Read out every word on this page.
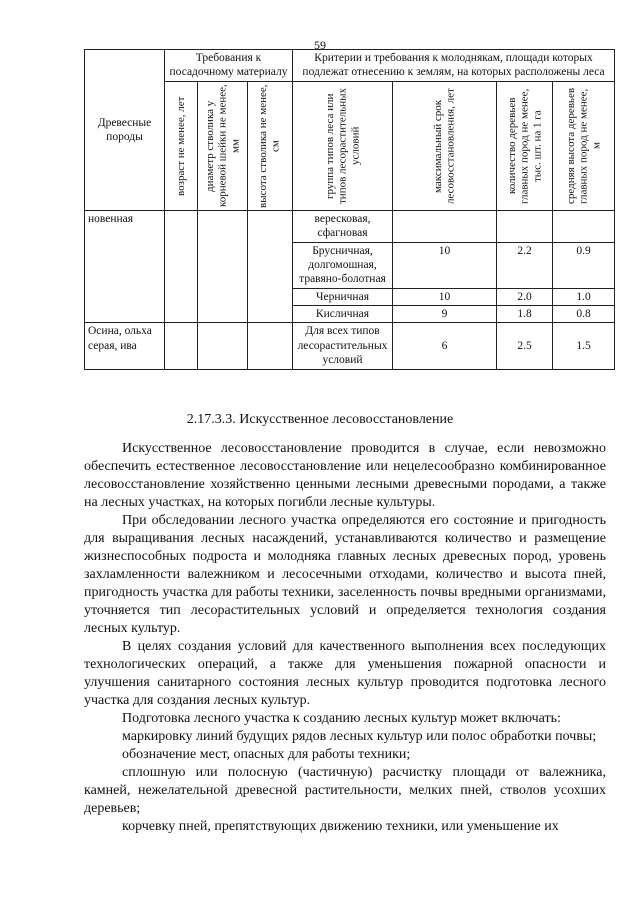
59
Древесные породы	Требования к посадочному материалу			Критерии и требования к молоднякам, площади которых подлежат отнесению к землям, на которых расположены леса			

	возраст не менее, лет	диаметр стволика у корневой шейки не менее, мм	высота стволика не менее, см	группа типов леса или типов лесорастительных условий	максимальный срок лесовосстановления, лет	количество деревьев главных пород не менее, тыс. шт. на 1 га	средняя высота деревьев главных пород не менее, м

новенная				вересковая, сфагновая			
				Брусничная, долгомошная, травяно-болотная	10	2.2	0.9
				Черничная	10	2.0	1.0
				Кисличная	9	1.8	0.8
Осина, ольха серая, ива				Для всех типов лесорастительных условий	6	2.5	1.5
2.17.3.3. Искусственное лесовосстановление

Искусственное лесовосстановление проводится в случае, если невозможно обеспечить естественное лесовосстановление или нецелесообразно комбинированное лесовосстановление хозяйственно ценными лесными древесными породами, а также на лесных участках, на которых погибли лесные культуры.

При обследовании лесного участка определяются его состояние и пригодность для выращивания лесных насаждений, устанавливаются количество и размещение жизнеспособных подроста и молодняка главных лесных древесных пород, уровень захламленности валежником и лесосечными отходами, количество и высота пней, пригодность участка для работы техники, заселенность почвы вредными организмами, уточняется тип лесорастительных условий и определяется технология создания лесных культур.

В целях создания условий для качественного выполнения всех последующих технологических операций, а также для уменьшения пожарной опасности и улучшения санитарного состояния лесных культур проводится подготовка лесного участка для создания лесных культур.

Подготовка лесного участка к созданию лесных культур может включать:

маркировку линий будущих рядов лесных культур или полос обработки почвы;

обозначение мест, опасных для работы техники;

сплошную или полосную (частичную) расчистку площади от валежника, камней, нежелательной древесной растительности, мелких пней, стволов усохших деревьев;

корчевку пней, препятствующих движению техники, или уменьшение их
